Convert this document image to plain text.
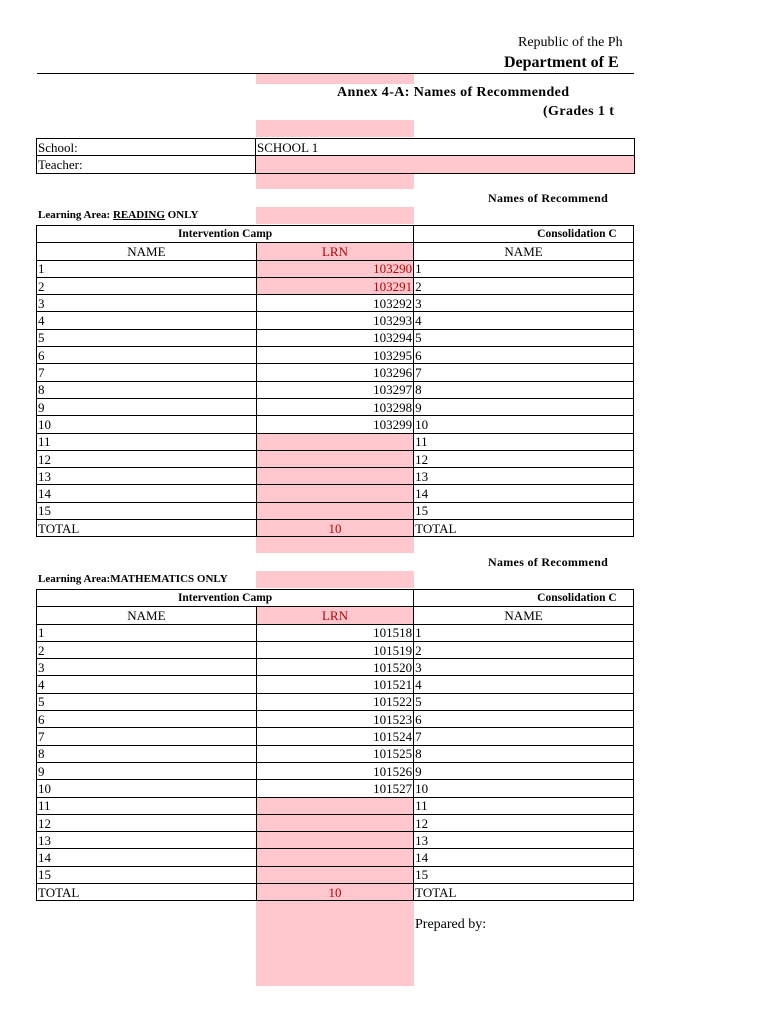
Republic of the Ph
Department of E
Annex 4-A: Names of Recommended
(Grades 1 t
School:	SCHOOL 1
Teacher:	
Names of Recommend
Learning Area: READING ONLY
Intervention Camp		Consolidation C
NAME	LRN	NAME
1	103290	1
2	103291	2
3	103292	3
4	103293	4
5	103294	5
6	103295	6
7	103296	7
8	103297	8
9	103298	9
10	103299	10
11		11
12		12
13		13
14		14
15		15
TOTAL	10	TOTAL
Names of Recommend
Learning Area:MATHEMATICS ONLY
Intervention Camp		Consolidation C
NAME	LRN	NAME
1	101518	1
2	101519	2
3	101520	3
4	101521	4
5	101522	5
6	101523	6
7	101524	7
8	101525	8
9	101526	9
10	101527	10
11		11
12		12
13		13
14		14
15		15
TOTAL	10	TOTAL
Prepared by:
